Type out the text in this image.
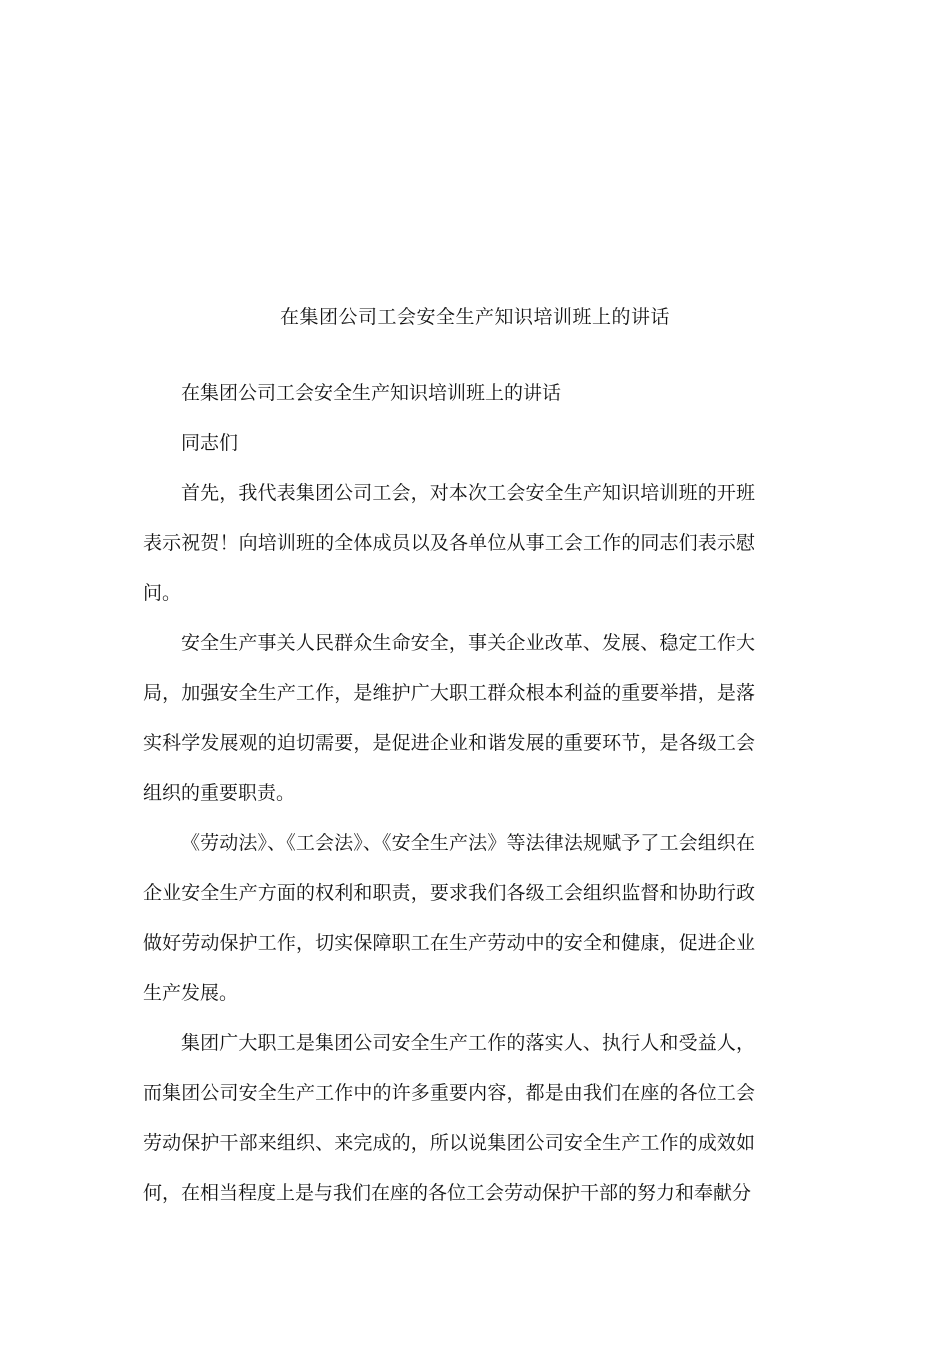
在集团公司工会安全生产知识培训班上的讲话

在集团公司工会安全生产知识培训班上的讲话

同志们

首先，我代表集团公司工会，对本次工会安全生产知识培训班的开班表示祝贺！向培训班的全体成员以及各单位从事工会工作的同志们表示慰问。

安全生产事关人民群众生命安全，事关企业改革、发展、稳定工作大局，加强安全生产工作，是维护广大职工群众根本利益的重要举措，是落实科学发展观的迫切需要，是促进企业和谐发展的重要环节，是各级工会组织的重要职责。

《劳动法》、《工会法》、《安全生产法》等法律法规赋予了工会组织在企业安全生产方面的权利和职责，要求我们各级工会组织监督和协助行政做好劳动保护工作，切实保障职工在生产劳动中的安全和健康，促进企业生产发展。

集团广大职工是集团公司安全生产工作的落实人、执行人和受益人，而集团公司安全生产工作中的许多重要内容，都是由我们在座的各位工会劳动保护干部来组织、来完成的，所以说集团公司安全生产工作的成效如何，在相当程度上是与我们在座的各位工会劳动保护干部的努力和奉献分
